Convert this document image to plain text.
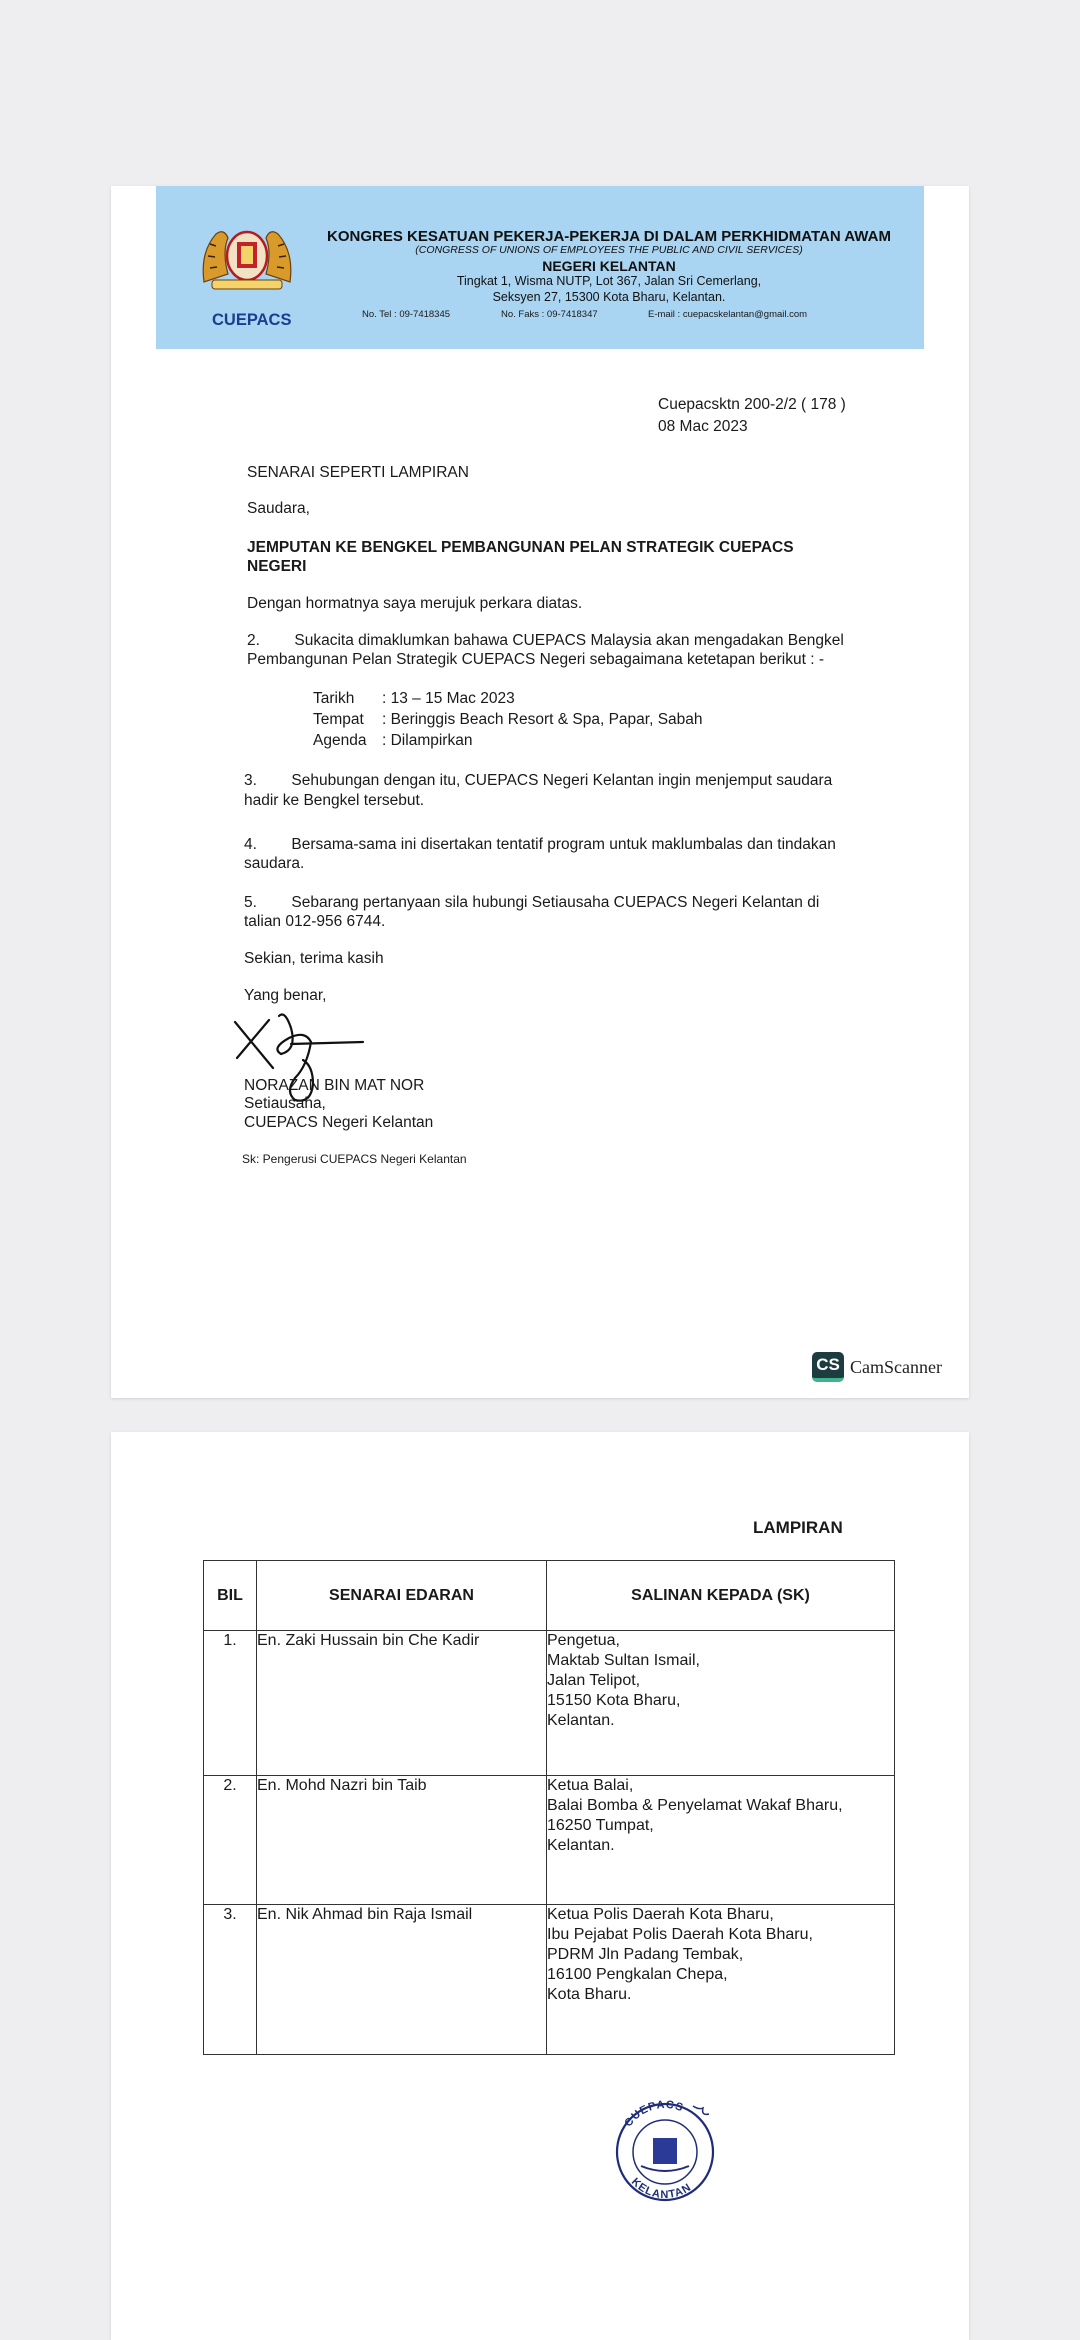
CUEPACS
KONGRES KESATUAN PEKERJA-PEKERJA DI DALAM PERKHIDMATAN AWAM
(CONGRESS OF UNIONS OF EMPLOYEES THE PUBLIC AND CIVIL SERVICES)
NEGERI KELANTAN
Tingkat 1, Wisma NUTP, Lot 367, Jalan Sri Cemerlang,
Seksyen 27, 15300 Kota Bharu, Kelantan.
No. Tel : 09-7418345	No. Faks : 09-7418347	E-mail : cuepacskelantan@gmail.com
Cuepacsktn 200-2/2 ( 178 )
08 Mac 2023
SENARAI SEPERTI LAMPIRAN
Saudara,
JEMPUTAN KE BENGKEL PEMBANGUNAN PELAN STRATEGIK CUEPACS
NEGERI
Dengan hormatnya saya merujuk perkara diatas.
2.        Sukacita dimaklumkan bahawa CUEPACS Malaysia akan mengadakan Bengkel
Pembangunan Pelan Strategik CUEPACS Negeri sebagaimana ketetapan berikut : -
Tarikh : 13 – 15 Mac 2023
Tempat : Beringgis Beach Resort & Spa, Papar, Sabah
Agenda : Dilampirkan
3.        Sehubungan dengan itu, CUEPACS Negeri Kelantan ingin menjemput saudara
hadir ke Bengkel tersebut.
4.        Bersama-sama ini disertakan tentatif program untuk maklumbalas dan tindakan
saudara.
5.        Sebarang pertanyaan sila hubungi Setiausaha CUEPACS Negeri Kelantan di
talian 012-956 6744.
Sekian, terima kasih
Yang benar,
NORAZAN BIN MAT NOR
Setiausaha,
CUEPACS Negeri Kelantan
Sk: Pengerusi CUEPACS Negeri Kelantan
CS CamScanner
LAMPIRAN
BIL	SENARAI EDARAN	SALINAN KEPADA (SK)
1.	En. Zaki Hussain bin Che Kadir	Pengetua,
Maktab Sultan Ismail,
Jalan Telipot,
15150 Kota Bharu,
Kelantan.

2.	En. Mohd Nazri bin Taib	Ketua Balai,
Balai Bomba & Penyelamat Wakaf Bharu,
16250 Tumpat,
Kelantan.

3.	En. Nik Ahmad bin Raja Ismail	Ketua Polis Daerah Kota Bharu,
Ibu Pejabat Polis Daerah Kota Bharu,
PDRM Jln Padang Tembak,
16100 Pengkalan Chepa,
Kota Bharu.
CUEPACS
KELANTAN
